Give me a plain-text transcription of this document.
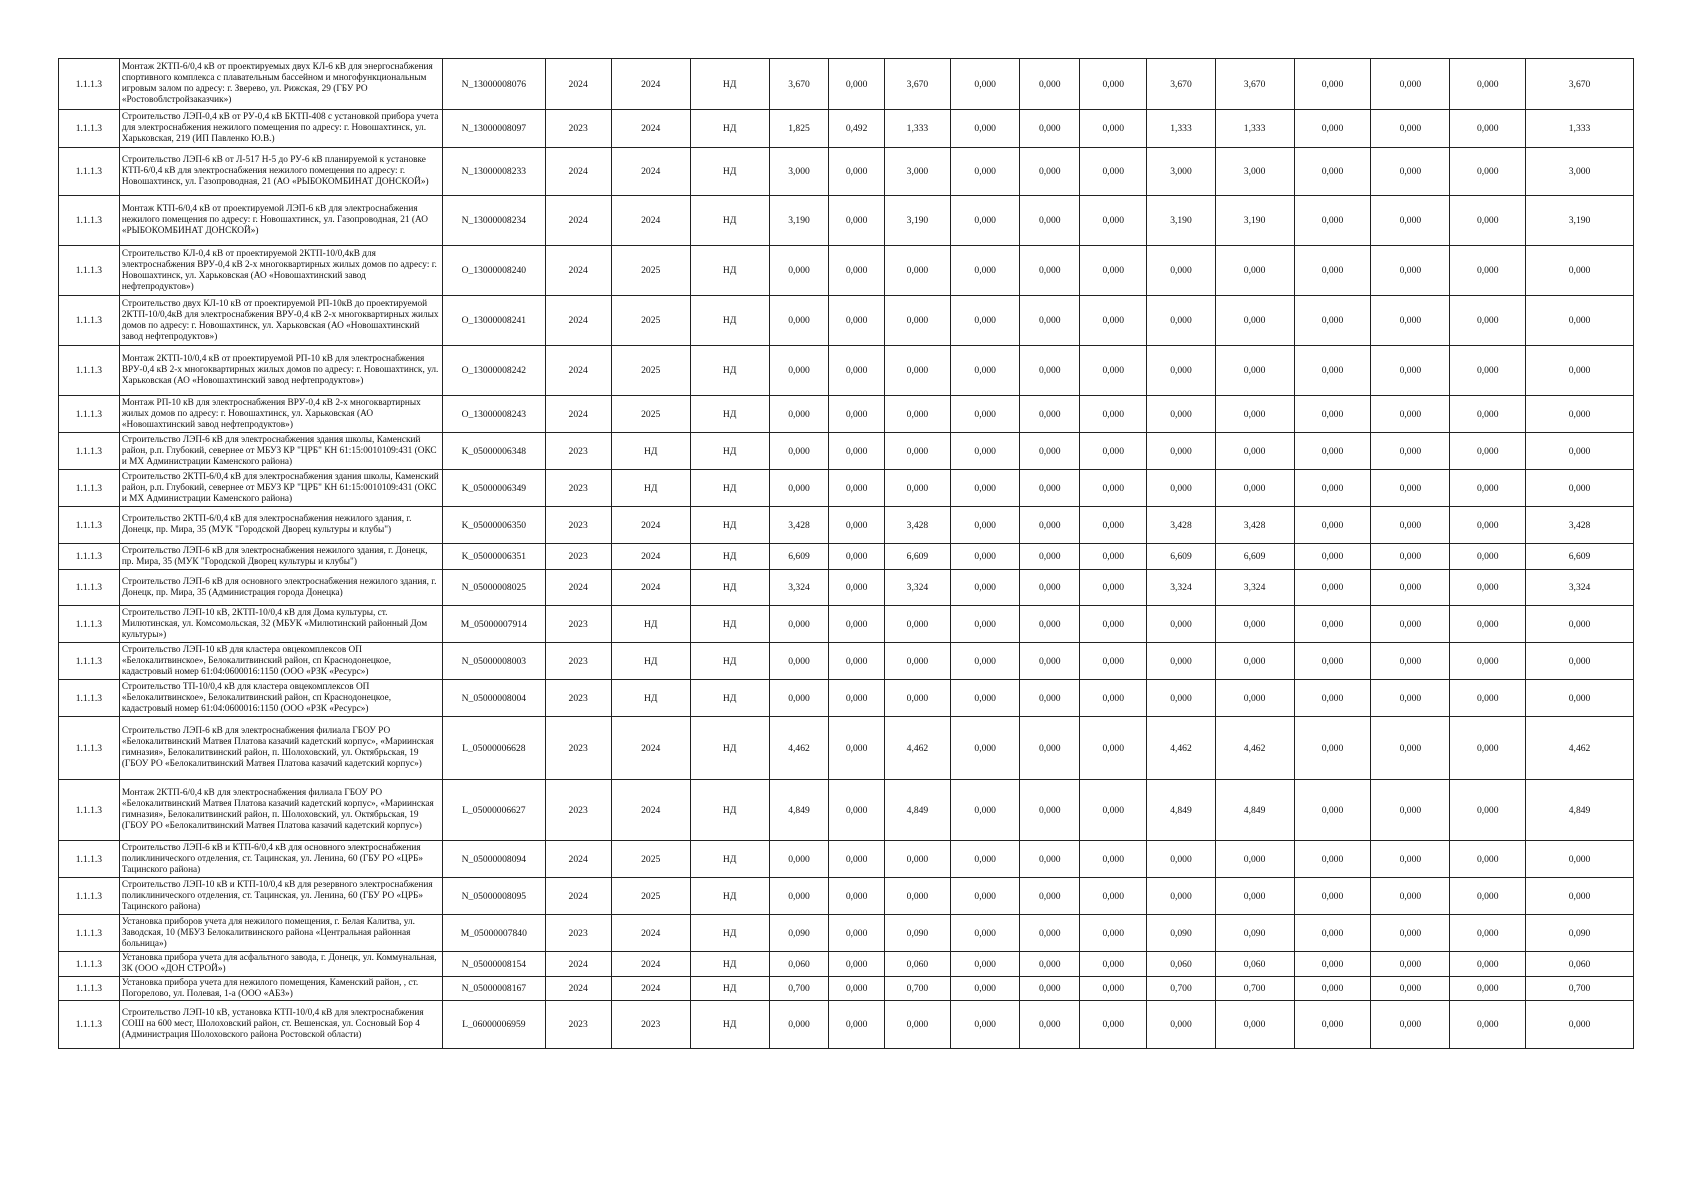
1.1.1.3	Монтаж 2КТП-6/0,4 кВ от проектируемых двух КЛ-6 кВ для энергоснабжения спортивного комплекса с плавательным бассейном и многофункциональным игровым залом по адресу: г. Зверево, ул. Рижская, 29 (ГБУ РО «Ростовоблстройзаказчик»)	N_13000008076	2024	2024	НД	3,670	0,000	3,670	0,000	0,000	0,000	3,670	3,670	0,000	0,000	0,000	3,670
1.1.1.3	Строительство ЛЭП-0,4 кВ от РУ-0,4 кВ БКТП-408 с установкой прибора учета для электроснабжения нежилого помещения по адресу: г. Новошахтинск, ул. Харьковская, 219 (ИП Павленко Ю.В.)	N_13000008097	2023	2024	НД	1,825	0,492	1,333	0,000	0,000	0,000	1,333	1,333	0,000	0,000	0,000	1,333
1.1.1.3	Строительство ЛЭП-6 кВ от Л-517 Н-5 до РУ-6 кВ планируемой к установке КТП-6/0,4 кВ для электроснабжения нежилого помещения по адресу: г. Новошахтинск, ул. Газопроводная, 21 (АО «РЫБОКОМБИНАТ ДОНСКОЙ»)	N_13000008233	2024	2024	НД	3,000	0,000	3,000	0,000	0,000	0,000	3,000	3,000	0,000	0,000	0,000	3,000
1.1.1.3	Монтаж КТП-6/0,4 кВ от проектируемой ЛЭП-6 кВ для электроснабжения нежилого помещения по адресу: г. Новошахтинск, ул. Газопроводная, 21 (АО «РЫБОКОМБИНАТ ДОНСКОЙ»)	N_13000008234	2024	2024	НД	3,190	0,000	3,190	0,000	0,000	0,000	3,190	3,190	0,000	0,000	0,000	3,190
1.1.1.3	Строительство КЛ-0,4 кВ от проектируемой 2КТП-10/0,4кВ для электроснабжения ВРУ-0,4 кВ 2-х многоквартирных жилых домов по адресу: г. Новошахтинск, ул. Харьковская (АО «Новошахтинский завод нефтепродуктов»)	O_13000008240	2024	2025	НД	0,000	0,000	0,000	0,000	0,000	0,000	0,000	0,000	0,000	0,000	0,000	0,000
1.1.1.3	Строительство двух КЛ-10 кВ от проектируемой РП-10кВ до проектируемой 2КТП-10/0,4кВ для электроснабжения ВРУ-0,4 кВ 2-х многоквартирных жилых домов по адресу: г. Новошахтинск, ул. Харьковская (АО «Новошахтинский завод нефтепродуктов»)	O_13000008241	2024	2025	НД	0,000	0,000	0,000	0,000	0,000	0,000	0,000	0,000	0,000	0,000	0,000	0,000
1.1.1.3	Монтаж 2КТП-10/0,4 кВ от проектируемой РП-10 кВ для электроснабжения ВРУ-0,4 кВ 2-х многоквартирных жилых домов по адресу: г. Новошахтинск, ул. Харьковская (АО «Новошахтинский завод нефтепродуктов»)	O_13000008242	2024	2025	НД	0,000	0,000	0,000	0,000	0,000	0,000	0,000	0,000	0,000	0,000	0,000	0,000
1.1.1.3	Монтаж РП-10 кВ для электроснабжения ВРУ-0,4 кВ 2-х многоквартирных жилых домов по адресу: г. Новошахтинск, ул. Харьковская (АО «Новошахтинский завод нефтепродуктов»)	O_13000008243	2024	2025	НД	0,000	0,000	0,000	0,000	0,000	0,000	0,000	0,000	0,000	0,000	0,000	0,000
1.1.1.3	Строительство ЛЭП-6 кВ для электроснабжения здания школы, Каменский район, р.п. Глубокий, севернее от МБУЗ КР "ЦРБ" КН 61:15:0010109:431 (ОКС и МХ Администрации Каменского района)	K_05000006348	2023	НД	НД	0,000	0,000	0,000	0,000	0,000	0,000	0,000	0,000	0,000	0,000	0,000	0,000
1.1.1.3	Строительство 2КТП-6/0,4 кВ для электроснабжения здания школы, Каменский район, р.п. Глубокий, севернее от МБУЗ КР "ЦРБ" КН 61:15:0010109:431 (ОКС и МХ Администрации Каменского района)	K_05000006349	2023	НД	НД	0,000	0,000	0,000	0,000	0,000	0,000	0,000	0,000	0,000	0,000	0,000	0,000
1.1.1.3	Строительство 2КТП-6/0,4 кВ для электроснабжения нежилого здания, г. Донецк, пр. Мира, 35 (МУК "Городской Дворец культуры и клубы")	K_05000006350	2023	2024	НД	3,428	0,000	3,428	0,000	0,000	0,000	3,428	3,428	0,000	0,000	0,000	3,428
1.1.1.3	Строительство ЛЭП-6 кВ для электроснабжения нежилого здания, г. Донецк, пр. Мира, 35 (МУК "Городской Дворец культуры и клубы")	K_05000006351	2023	2024	НД	6,609	0,000	6,609	0,000	0,000	0,000	6,609	6,609	0,000	0,000	0,000	6,609
1.1.1.3	Строительство ЛЭП-6 кВ для основного электроснабжения нежилого здания, г. Донецк, пр. Мира, 35 (Администрация города Донецка)	N_05000008025	2024	2024	НД	3,324	0,000	3,324	0,000	0,000	0,000	3,324	3,324	0,000	0,000	0,000	3,324
1.1.1.3	Строительство ЛЭП-10 кВ, 2КТП-10/0,4 кВ для Дома культуры, ст. Милютинская, ул. Комсомольская, 32 (МБУК «Милютинский районный Дом культуры»)	M_05000007914	2023	НД	НД	0,000	0,000	0,000	0,000	0,000	0,000	0,000	0,000	0,000	0,000	0,000	0,000
1.1.1.3	Строительство ЛЭП-10 кВ для кластера овцекомплексов ОП «Белокалитвинское», Белокалитвинский район, сп Краснодонецкое, кадастровый номер 61:04:0600016:1150 (ООО «РЗК «Ресурс»)	N_05000008003	2023	НД	НД	0,000	0,000	0,000	0,000	0,000	0,000	0,000	0,000	0,000	0,000	0,000	0,000
1.1.1.3	Строительство ТП-10/0,4 кВ для кластера овцекомплексов ОП «Белокалитвинское», Белокалитвинский район, сп Краснодонецкое, кадастровый номер 61:04:0600016:1150 (ООО «РЗК «Ресурс»)	N_05000008004	2023	НД	НД	0,000	0,000	0,000	0,000	0,000	0,000	0,000	0,000	0,000	0,000	0,000	0,000
1.1.1.3	Строительство ЛЭП-6 кВ для электроснабжения филиала ГБОУ РО «Белокалитвинский Матвея Платова казачий кадетский корпус», «Мариинская гимназия», Белокалитвинский район, п. Шолоховский, ул. Октябрьская, 19 (ГБОУ РО «Белокалитвинский Матвея Платова казачий кадетский корпус»)	L_05000006628	2023	2024	НД	4,462	0,000	4,462	0,000	0,000	0,000	4,462	4,462	0,000	0,000	0,000	4,462
1.1.1.3	Монтаж 2КТП-6/0,4 кВ для электроснабжения филиала ГБОУ РО «Белокалитвинский Матвея Платова казачий кадетский корпус», «Мариинская гимназия», Белокалитвинский район, п. Шолоховский, ул. Октябрьская, 19 (ГБОУ РО «Белокалитвинский Матвея Платова казачий кадетский корпус»)	L_05000006627	2023	2024	НД	4,849	0,000	4,849	0,000	0,000	0,000	4,849	4,849	0,000	0,000	0,000	4,849
1.1.1.3	Строительство ЛЭП-6 кВ и КТП-6/0,4 кВ для основного электроснабжения поликлинического отделения, ст. Тацинская, ул. Ленина, 60 (ГБУ РО «ЦРБ» Тацинского района)	N_05000008094	2024	2025	НД	0,000	0,000	0,000	0,000	0,000	0,000	0,000	0,000	0,000	0,000	0,000	0,000
1.1.1.3	Строительство ЛЭП-10 кВ и КТП-10/0,4 кВ для резервного электроснабжения поликлинического отделения, ст. Тацинская, ул. Ленина, 60 (ГБУ РО «ЦРБ» Тацинского района)	N_05000008095	2024	2025	НД	0,000	0,000	0,000	0,000	0,000	0,000	0,000	0,000	0,000	0,000	0,000	0,000
1.1.1.3	Установка приборов учета для нежилого помещения, г. Белая Калитва, ул. Заводская, 10 (МБУЗ Белокалитвинского района «Центральная районная больница»)	M_05000007840	2023	2024	НД	0,090	0,000	0,090	0,000	0,000	0,000	0,090	0,090	0,000	0,000	0,000	0,090
1.1.1.3	Установка прибора учета для асфальтного завода, г. Донецк, ул. Коммунальная, 3К (ООО «ДОН СТРОЙ»)	N_05000008154	2024	2024	НД	0,060	0,000	0,060	0,000	0,000	0,000	0,060	0,060	0,000	0,000	0,000	0,060
1.1.1.3	Установка прибора учета для нежилого помещения, Каменский район, , ст. Погорелово, ул. Полевая, 1-а (ООО «АБЗ»)	N_05000008167	2024	2024	НД	0,700	0,000	0,700	0,000	0,000	0,000	0,700	0,700	0,000	0,000	0,000	0,700
1.1.1.3	Строительство ЛЭП-10 кВ, установка КТП-10/0,4 кВ для электроснабжения СОШ на 600 мест, Шолоховский район, ст. Вешенская, ул. Сосновый Бор 4 (Администрация Шолоховского района Ростовской области)	L_06000006959	2023	2023	НД	0,000	0,000	0,000	0,000	0,000	0,000	0,000	0,000	0,000	0,000	0,000	0,000
